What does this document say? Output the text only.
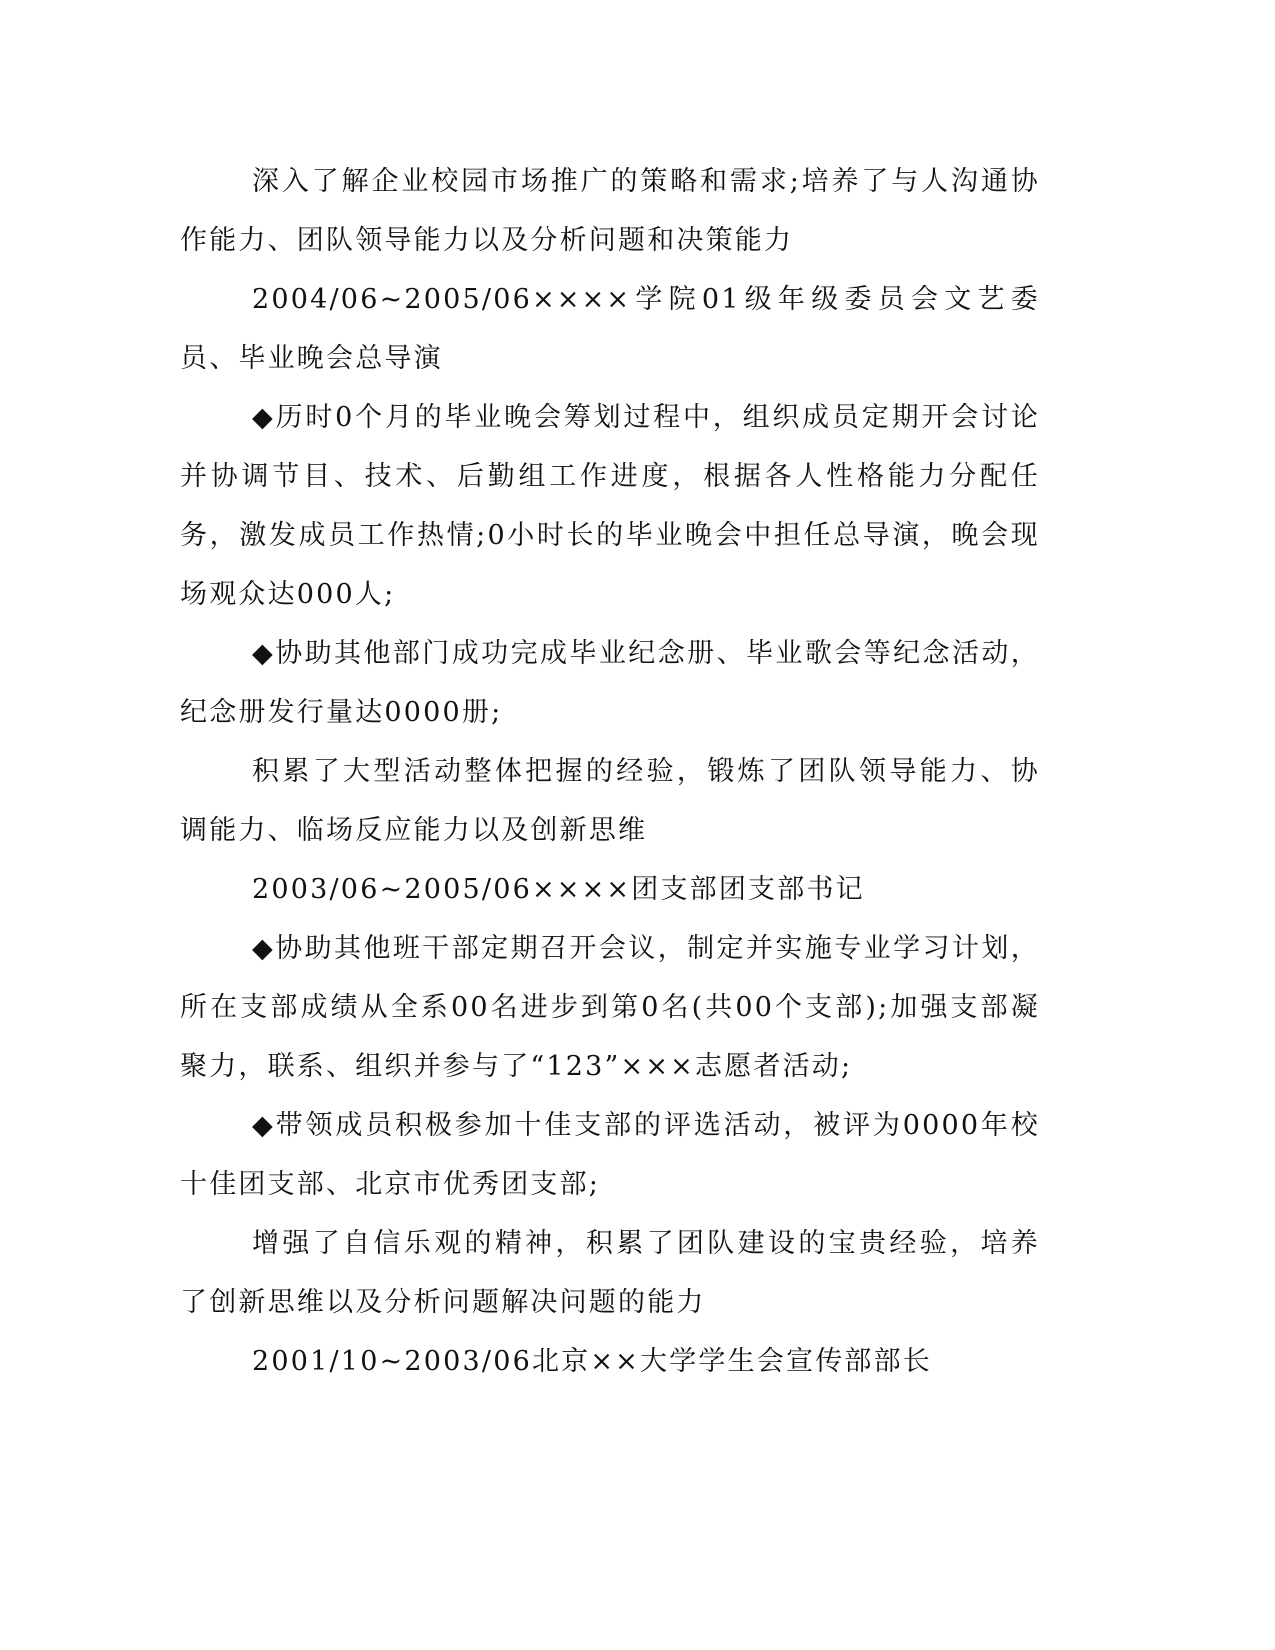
深入了解企业校园市场推广的策略和需求;培养了与人沟通协作能力、团队领导能力以及分析问题和决策能力

2004/06~2005/06××××学院01级年级委员会文艺委员、毕业晚会总导演

◆历时0个月的毕业晚会筹划过程中，组织成员定期开会讨论并协调节目、技术、后勤组工作进度，根据各人性格能力分配任务，激发成员工作热情;0小时长的毕业晚会中担任总导演，晚会现场观众达000人;

◆协助其他部门成功完成毕业纪念册、毕业歌会等纪念活动，纪念册发行量达0000册;

积累了大型活动整体把握的经验，锻炼了团队领导能力、协调能力、临场反应能力以及创新思维

2003/06~2005/06××××团支部团支部书记

◆协助其他班干部定期召开会议，制定并实施专业学习计划，所在支部成绩从全系00名进步到第0名(共00个支部);加强支部凝聚力，联系、组织并参与了“123”×××志愿者活动;

◆带领成员积极参加十佳支部的评选活动，被评为0000年校十佳团支部、北京市优秀团支部;

增强了自信乐观的精神，积累了团队建设的宝贵经验，培养了创新思维以及分析问题解决问题的能力

2001/10~2003/06北京××大学学生会宣传部部长
